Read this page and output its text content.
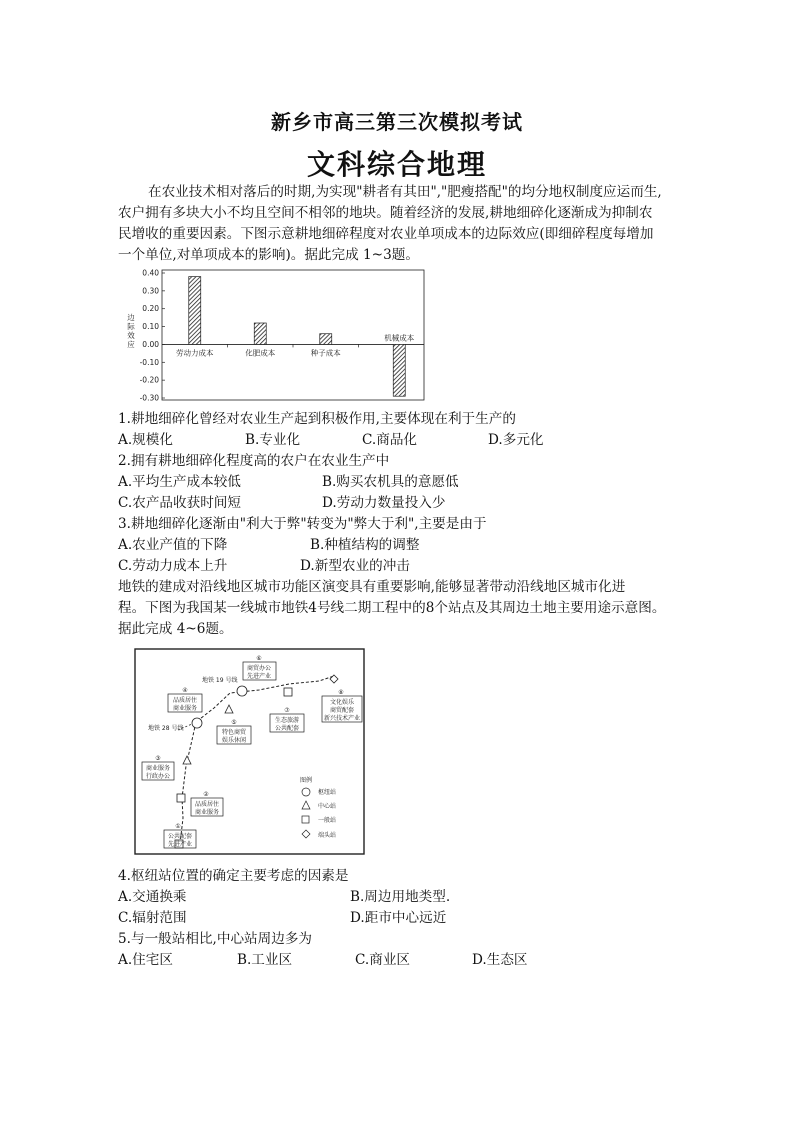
新乡市高三第三次模拟考试
文科综合地理
在农业技术相对落后的时期,为实现"耕者有其田","肥瘦搭配"的均分地权制度应运而生,
农户拥有多块大小不均且空间不相邻的地块。随着经济的发展,耕地细碎化逐渐成为抑制农
民增收的重要因素。下图示意耕地细碎程度对农业单项成本的边际效应(即细碎程度每增加
一个单位,对单项成本的影响)。据此完成 1~3题。
0.40
0.30
0.20
0.10
0.00
-0.10
-0.20
-0.30
边
际
效
应
劳动力成本	化肥成本	种子成本
机械成本
1.耕地细碎化曾经对农业生产起到积极作用,主要体现在利于生产的
A.规模化	B.专业化	C.商品化	D.多元化
2.拥有耕地细碎化程度高的农户在农业生产中
A.平均生产成本较低	B.购买农机具的意愿低
C.农产品收获时间短	D.劳动力数量投入少
3.耕地细碎化逐渐由"利大于弊"转变为"弊大于利",主要是由于
A.农业产值的下降	B.种植结构的调整
C.劳动力成本上升	D.新型农业的冲击
地铁的建成对沿线地区城市功能区演变具有重要影响,能够显著带动沿线地区城市化进
程。下图为我国某一线城市地铁4号线二期工程中的8个站点及其周边土地主要用途示意图。
据此完成 4~6题。
地铁 19 号线
地铁 28 号线
①
公共配套
先进产业
②
品质居住
商业服务
③
商业服务
行政办公
④
品质居住
商业服务
⑤
特色商贸
娱乐休闲
⑥
商贸办公
先进产业
⑦
生态旅游
公共配套
⑧
文化娱乐
商贸配套
新兴技术产业
图例
枢纽站
中心站
一般站
端头站
4.枢纽站位置的确定主要考虑的因素是
A.交通换乘	B.周边用地类型.
C.辐射范围	D.距市中心远近
5.与一般站相比,中心站周边多为
A.住宅区	B.工业区	C.商业区	D.生态区
